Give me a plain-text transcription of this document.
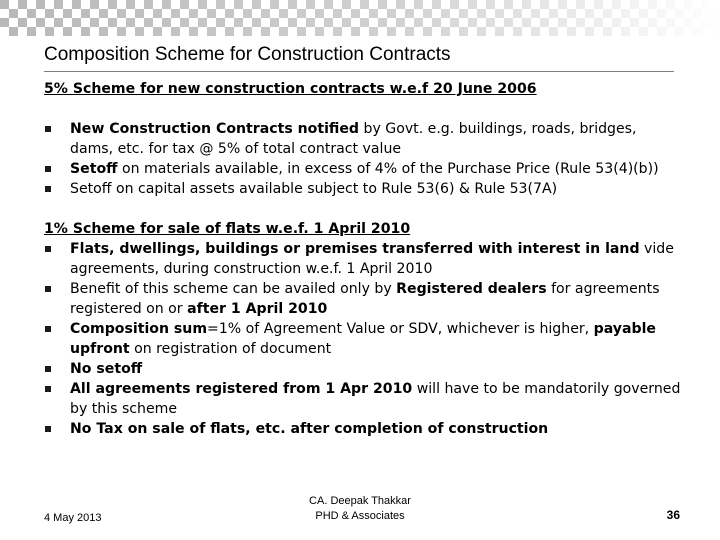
Composition Scheme for Construction Contracts
5% Scheme for new construction contracts w.e.f 20 June 2006
New Construction Contracts notified by Govt. e.g. buildings, roads, bridges, dams, etc. for tax @ 5% of total contract value
Setoff on materials available, in excess of 4% of the Purchase Price (Rule 53(4)(b))
Setoff on capital assets available subject to Rule 53(6) & Rule 53(7A)
1% Scheme for sale of flats w.e.f. 1 April 2010
Flats, dwellings, buildings or premises transferred with interest in land vide agreements, during construction w.e.f. 1 April 2010
Benefit of this scheme can be availed only by Registered dealers for agreements registered on or after 1 April 2010
Composition sum=1% of Agreement Value or SDV, whichever is higher, payable upfront on registration of document
No setoff
All agreements registered from 1 Apr 2010 will have to be mandatorily governed by this scheme
No Tax on sale of flats, etc. after completion of construction
4 May 2013
CA. Deepak Thakkar
PHD & Associates	36
